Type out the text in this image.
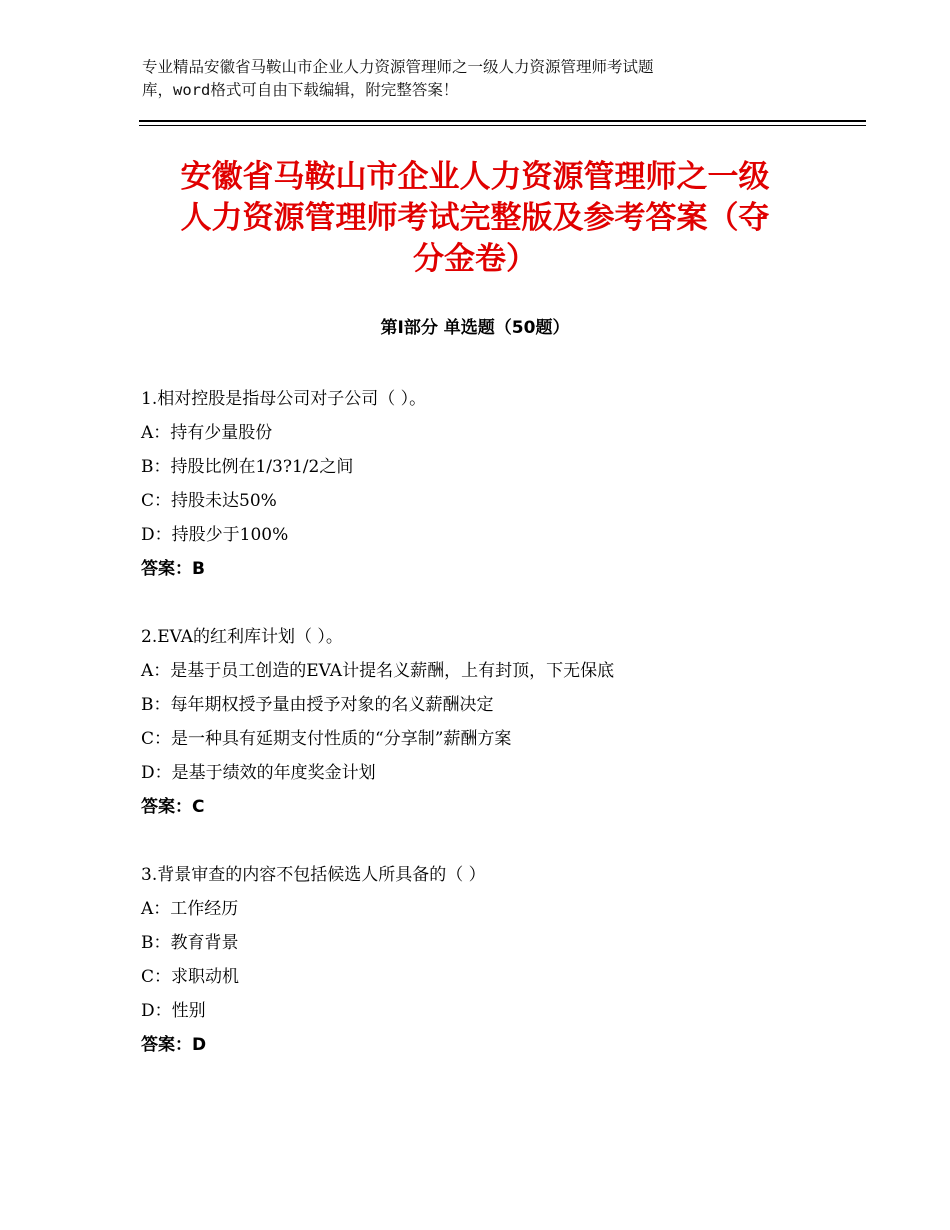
专业精品安徽省马鞍山市企业人力资源管理师之一级人力资源管理师考试题
库，word格式可自由下载编辑，附完整答案！
安徽省马鞍山市企业人力资源管理师之一级
人力资源管理师考试完整版及参考答案（夺
分金卷）
第Ⅰ部分 单选题（50题）
1.相对控股是指母公司对子公司（ ）。
A：持有少量股份
B：持股比例在1/3?1/2之间
C：持股未达50%
D：持股少于100%
答案：B
2.EVA的红利库计划（ ）。
A：是基于员工创造的EVA计提名义薪酬，上有封顶，下无保底
B：每年期权授予量由授予对象的名义薪酬决定
C：是一种具有延期支付性质的“分享制”薪酬方案
D：是基于绩效的年度奖金计划
答案：C
3.背景审查的内容不包括候选人所具备的（ ）
A：工作经历
B：教育背景
C：求职动机
D：性别
答案：D
